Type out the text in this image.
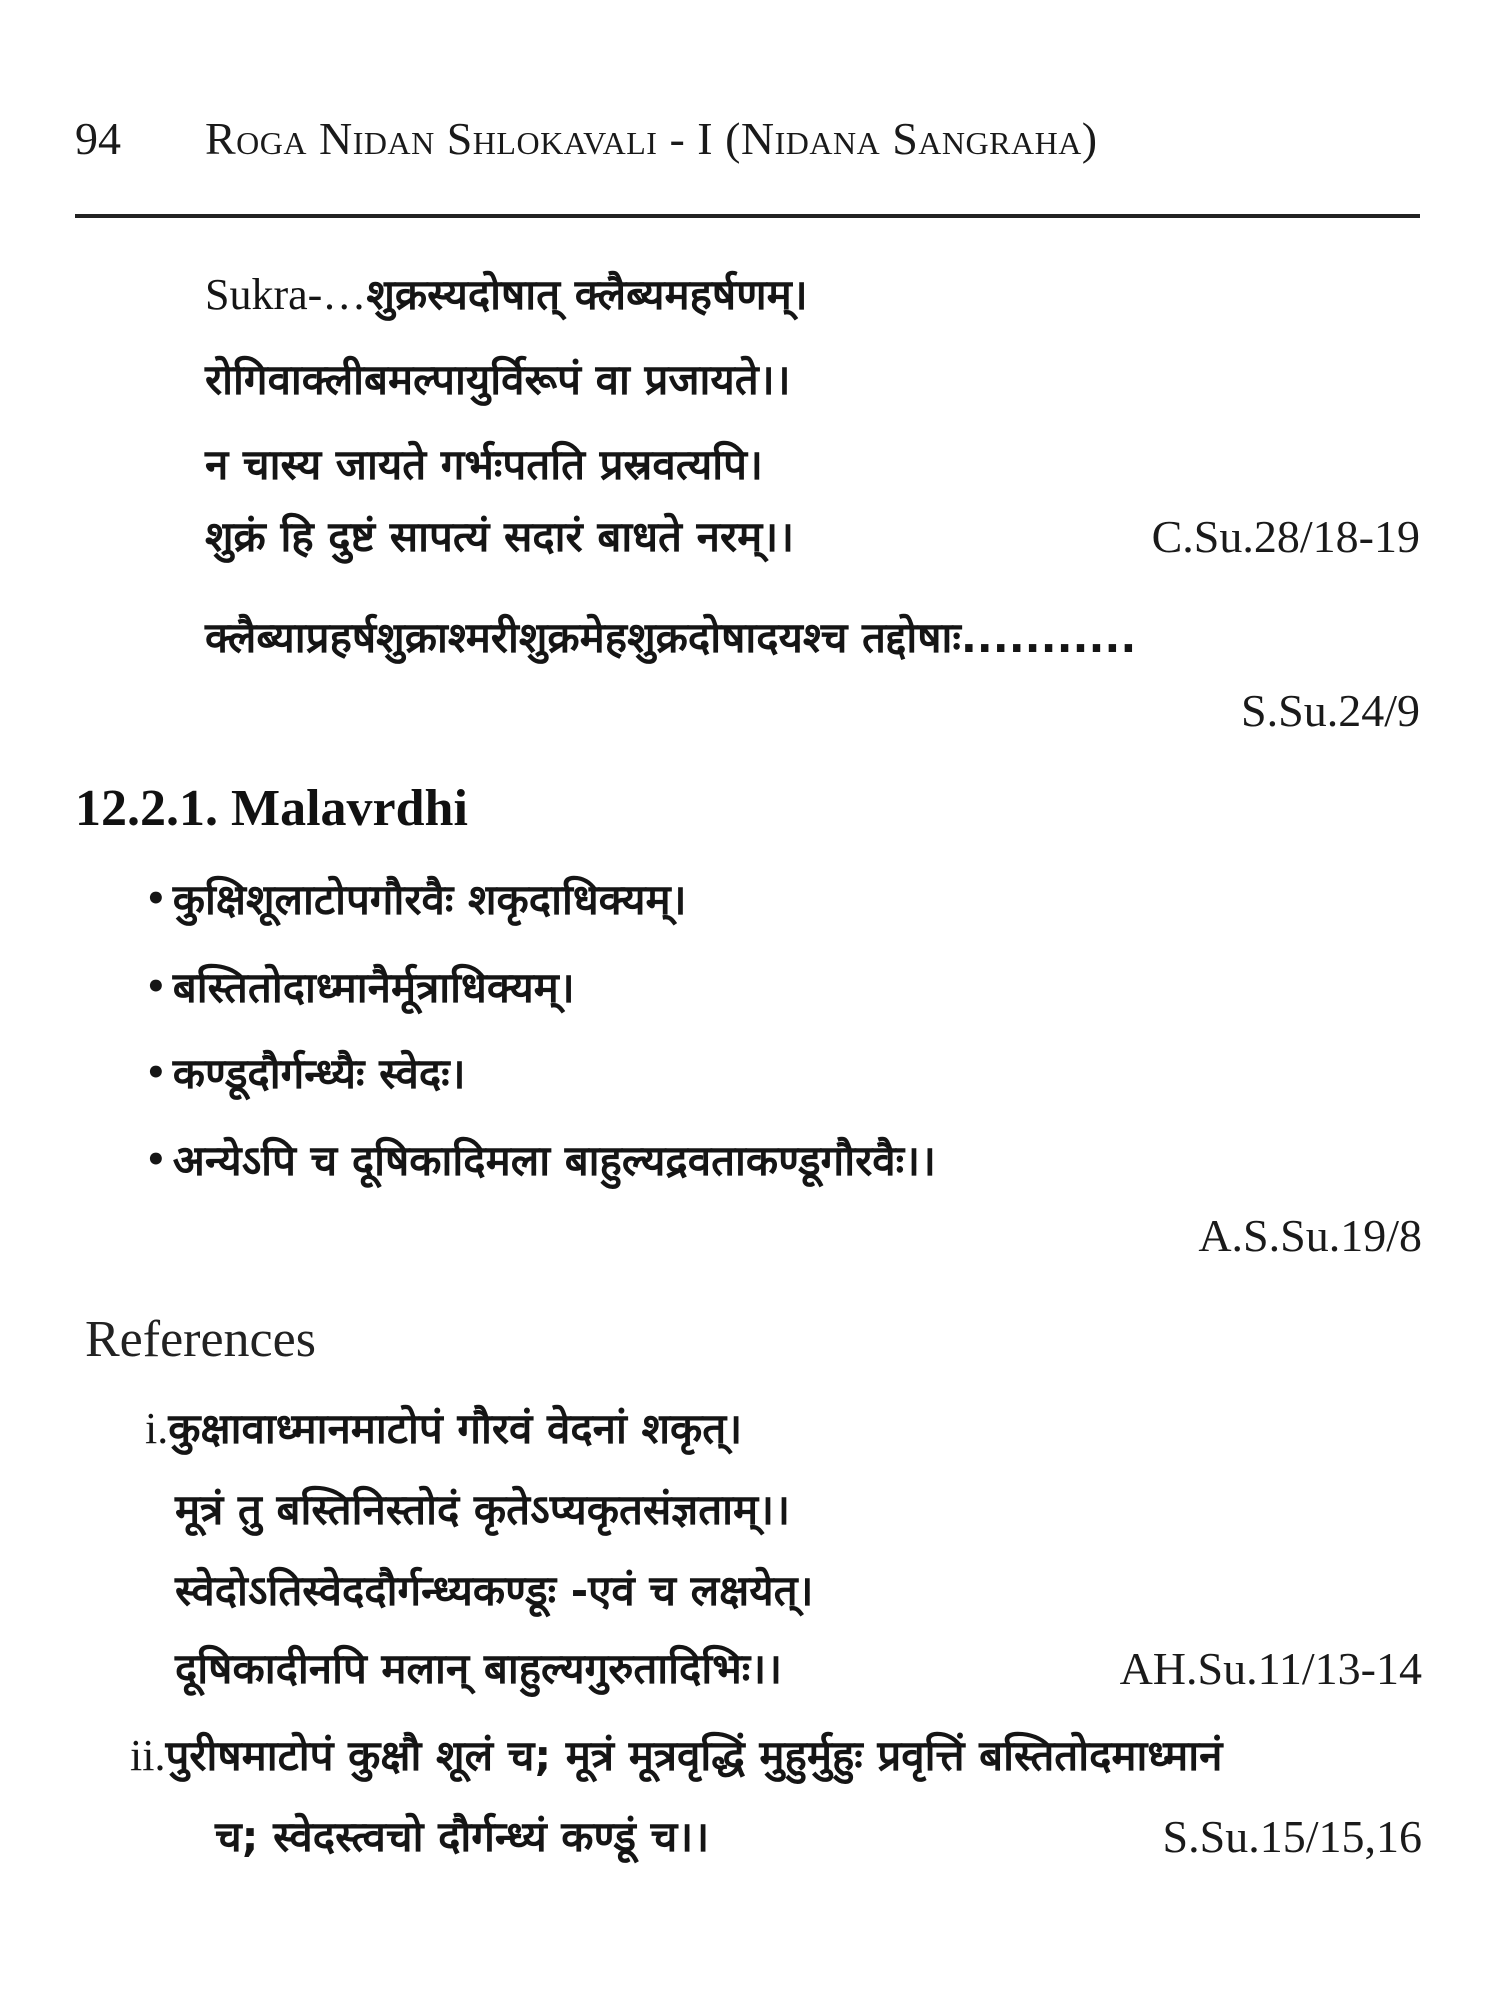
94	Roga Nidan Shlokavali - I (Nidana Sangraha)
Sukra-…शुक्रस्यदोषात् क्लैब्यमहर्षणम्।
रोगिवाक्लीबमल्पायुर्विरूपं वा प्रजायते।।
न चास्य जायते गर्भःपतति प्रस्रवत्यपि।
शुक्रं हि दुष्टं सापत्यं सदारं बाधते नरम्।।	C.Su.28/18-19
क्लैब्याप्रहर्षशुक्राश्मरीशुक्रमेहशुक्रदोषादयश्च तद्दोषाः...........
S.Su.24/9
12.2.1. Malavrdhi
• कुक्षिशूलाटोपगौरवैः शकृदाधिक्यम्।
• बस्तितोदाध्मानैर्मूत्राधिक्यम्।
• कण्डूदौर्गन्ध्यैः स्वेदः।
• अन्येऽपि च दूषिकादिमला बाहुल्यद्रवताकण्डूगौरवैः।।
A.S.Su.19/8
References
i.कुक्षावाध्मानमाटोपं गौरवं वेदनां शकृत्।
मूत्रं तु बस्तिनिस्तोदं कृतेऽप्यकृतसंज्ञताम्।।
स्वेदोऽतिस्वेददौर्गन्ध्यकण्डूः -एवं च लक्षयेत्।
दूषिकादीनपि मलान् बाहुल्यगुरुतादिभिः।।	AH.Su.11/13-14
ii.पुरीषमाटोपं कुक्षौ शूलं च; मूत्रं मूत्रवृद्धिं मुहुर्मुहुः प्रवृत्तिं बस्तितोदमाध्मानं
च; स्वेदस्त्वचो दौर्गन्ध्यं कण्डूं च।।	S.Su.15/15,16
